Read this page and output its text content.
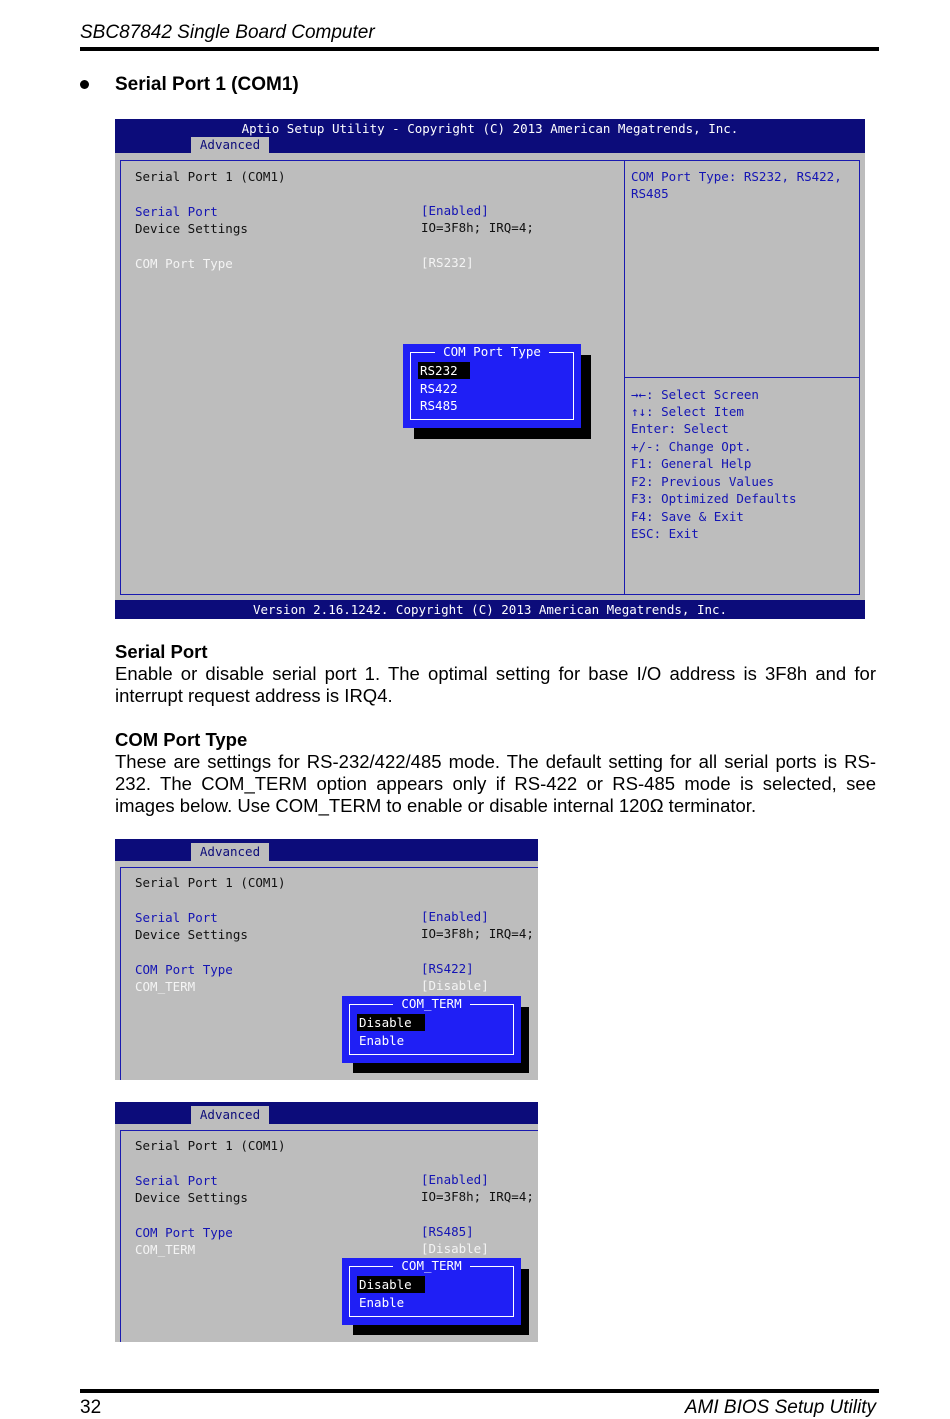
SBC87842 Single Board Computer
Serial Port 1 (COM1)
Aptio Setup Utility - Copyright (C) 2013 American Megatrends, Inc.
Advanced
Serial Port 1 (COM1)
Serial Port	[Enabled]
Device Settings	IO=3F8h; IRQ=4;
COM Port Type	[RS232]
COM Port Type: RS232, RS422,
RS485
→←: Select Screen
↑↓: Select Item
Enter: Select
+/-: Change Opt.
F1: General Help
F2: Previous Values
F3: Optimized Defaults
F4: Save & Exit
ESC: Exit
COM Port Type
RS232
RS422
RS485
Version 2.16.1242. Copyright (C) 2013 American Megatrends, Inc.
Serial Port
Enable or disable serial port 1. The optimal setting for base I/O address is 3F8h and for interrupt request address is IRQ4.
COM Port Type
These are settings for RS-232/422/485 mode. The default setting for all serial ports is RS-232. The COM_TERM option appears only if RS-422 or RS-485 mode is selected, see images below. Use COM_TERM to enable or disable internal 120Ω terminator.
Advanced
Serial Port 1 (COM1)
Serial Port	[Enabled]
Device Settings	IO=3F8h; IRQ=4;
COM Port Type	[RS422]
COM_TERM	[Disable]
COM_TERM
Disable
Enable
Advanced
Serial Port 1 (COM1)
Serial Port	[Enabled]
Device Settings	IO=3F8h; IRQ=4;
COM Port Type	[RS485]
COM_TERM	[Disable]
COM_TERM
Disable
Enable
32	AMI BIOS Setup Utility
